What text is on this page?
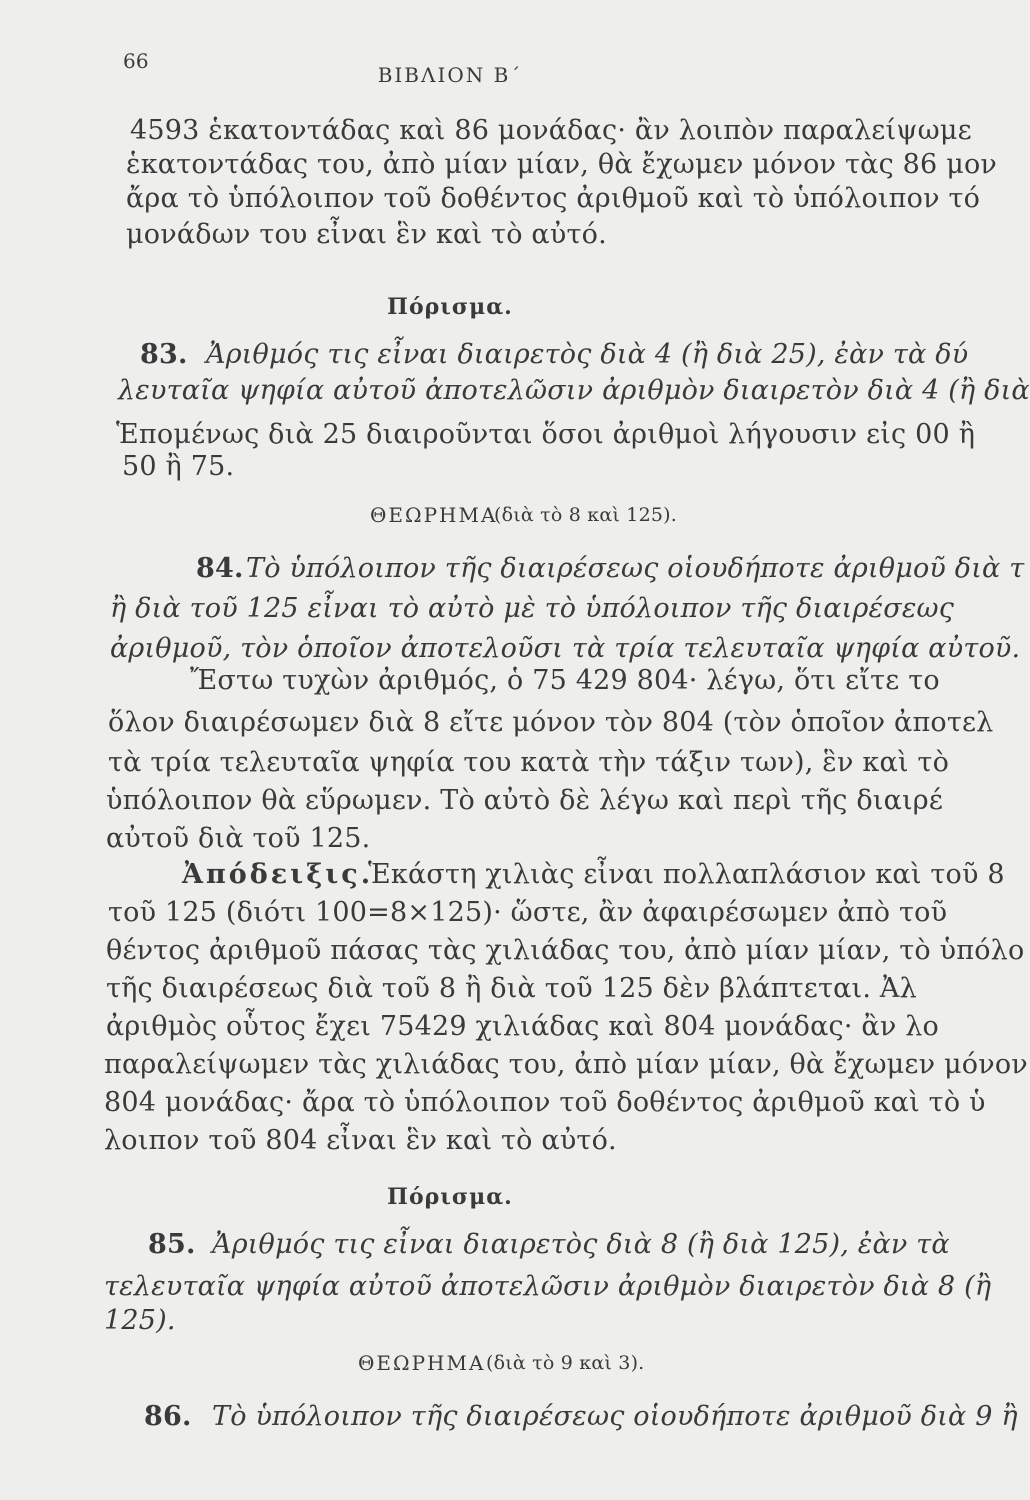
66
ΒΙΒΛΙΟΝ Β΄
4593 ἑκατοντάδας καὶ 86 μονάδας· ἂν λοιπὸν παραλείψωμε
ἑκατοντάδας του, ἀπὸ μίαν μίαν, θὰ ἔχωμεν μόνον τὰς 86 μον
ἄρα τὸ ὑπόλοιπον τοῦ δοθέντος ἀριθμοῦ καὶ τὸ ὑπόλοιπον τό
μονάδων του εἶναι ἓν καὶ τὸ αὐτό.
Πόρισμα.
83. Ἀριθμός τις εἶναι διαιρετὸς διὰ 4 (ἢ διὰ 25), ἐὰν τὰ δύ
λευταῖα ψηφία αὐτοῦ ἀποτελῶσιν ἀριθμὸν διαιρετὸν διὰ 4 (ἢ διὰ
Ἑπομένως διὰ 25 διαιροῦνται ὅσοι ἀριθμοὶ λήγουσιν εἰς 00 ἢ
50 ἢ 75.
ΘΕΩΡΗΜΑ
(διὰ τὸ 8 καὶ 125).
84. Τὸ ὑπόλοιπον τῆς διαιρέσεως οἱουδήποτε ἀριθμοῦ διὰ τ
ἢ διὰ τοῦ 125 εἶναι τὸ αὐτὸ μὲ τὸ ὑπόλοιπον τῆς διαιρέσεως
ἀριθμοῦ, τὸν ὁποῖον ἀποτελοῦσι τὰ τρία τελευταῖα ψηφία αὐτοῦ.
Ἔστω τυχὼν ἀριθμός, ὁ 75 429 804· λέγω, ὅτι εἴτε το
ὅλον διαιρέσωμεν διὰ 8 εἴτε μόνον τὸν 804 (τὸν ὁποῖον ἀποτελ
τὰ τρία τελευταῖα ψηφία του κατὰ τὴν τάξιν των), ἓν καὶ τὸ
ὑπόλοιπον θὰ εὕρωμεν. Τὸ αὐτὸ δὲ λέγω καὶ περὶ τῆς διαιρέ
αὐτοῦ διὰ τοῦ 125.
Ἀπόδειξις.
Ἑκάστη χιλιὰς εἶναι πολλαπλάσιον καὶ τοῦ 8
τοῦ 125 (διότι 100=8×125)· ὥστε, ἂν ἀφαιρέσωμεν ἀπὸ τοῦ
θέντος ἀριθμοῦ πάσας τὰς χιλιάδας του, ἀπὸ μίαν μίαν, τὸ ὑπόλο
τῆς διαιρέσεως διὰ τοῦ 8 ἢ διὰ τοῦ 125 δὲν βλάπτεται. Ἀλ
ἀριθμὸς οὗτος ἔχει 75429 χιλιάδας καὶ 804 μονάδας· ἂν λο
παραλείψωμεν τὰς χιλιάδας του, ἀπὸ μίαν μίαν, θὰ ἔχωμεν μόνον
804 μονάδας· ἄρα τὸ ὑπόλοιπον τοῦ δοθέντος ἀριθμοῦ καὶ τὸ ὑ
λοιπον τοῦ 804 εἶναι ἓν καὶ τὸ αὐτό.
Πόρισμα.
85. Ἀριθμός τις εἶναι διαιρετὸς διὰ 8 (ἢ διὰ 125), ἐὰν τὰ
τελευταῖα ψηφία αὐτοῦ ἀποτελῶσιν ἀριθμὸν διαιρετὸν διὰ 8 (ἢ
125).
ΘΕΩΡΗΜΑ (διὰ τὸ 9 καὶ 3).
86. Τὸ ὑπόλοιπον τῆς διαιρέσεως οἱουδήποτε ἀριθμοῦ διὰ 9 ἢ
